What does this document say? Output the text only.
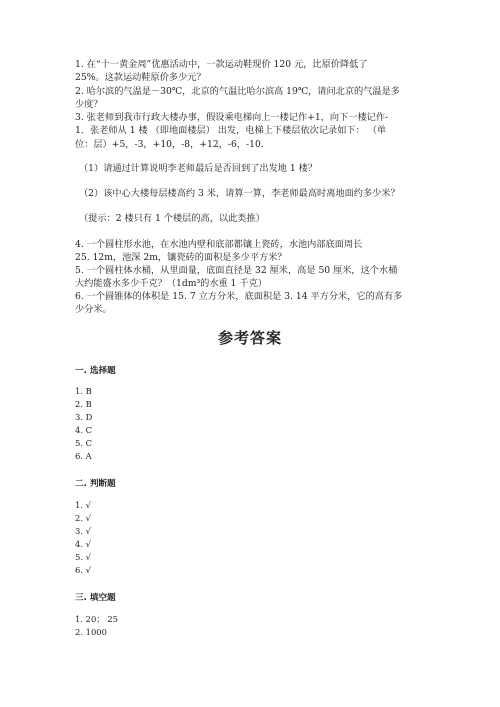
1. 在“十一黄金周”优惠活动中，一款运动鞋现价 120 元，比原价降低了
25%。这款运动鞋原价多少元？
2. 哈尔滨的气温是－30℃，北京的气温比哈尔滨高 19℃，请问北京的气温是多
少度？
3. 张老师到我市行政大楼办事，假设乘电梯向上一楼记作+1，向下一楼记作-
1．张老师从 1 楼 （即地面楼层） 出发，电梯上下楼层依次记录如下： （单
位：层）+5，-3，+10，-8，+12，-6，-10.
（1）请通过计算说明李老师最后是否回到了出发地 1 楼？
（2）该中心大楼每层楼高约 3 米，请算一算，李老师最高时离地面约多少米？
（提示：2 楼只有 1 个楼层的高，以此类推）
4. 一个圆柱形水池，在水池内壁和底部都镶上瓷砖，水池内部底面周长
25. 12m，池深 2m，镶瓷砖的面积是多少平方米？
5. 一个圆柱体水桶，从里面量，底面直径是 32 厘米，高是 50 厘米，这个水桶
大约能盛水多少千克？（1dm³的水重 1 千克）
6. 一个圆锥体的体积是 15. 7 立方分米，底面积是 3. 14 平方分米，它的高有多
少分米。
参考答案
一. 选择题
1. B
2. B
3. D
4. C
5. C
6. A
二. 判断题
1. √
2. √
3. √
4. √
5. √
6. √
三. 填空题
1. 20； 25
2. 1000
